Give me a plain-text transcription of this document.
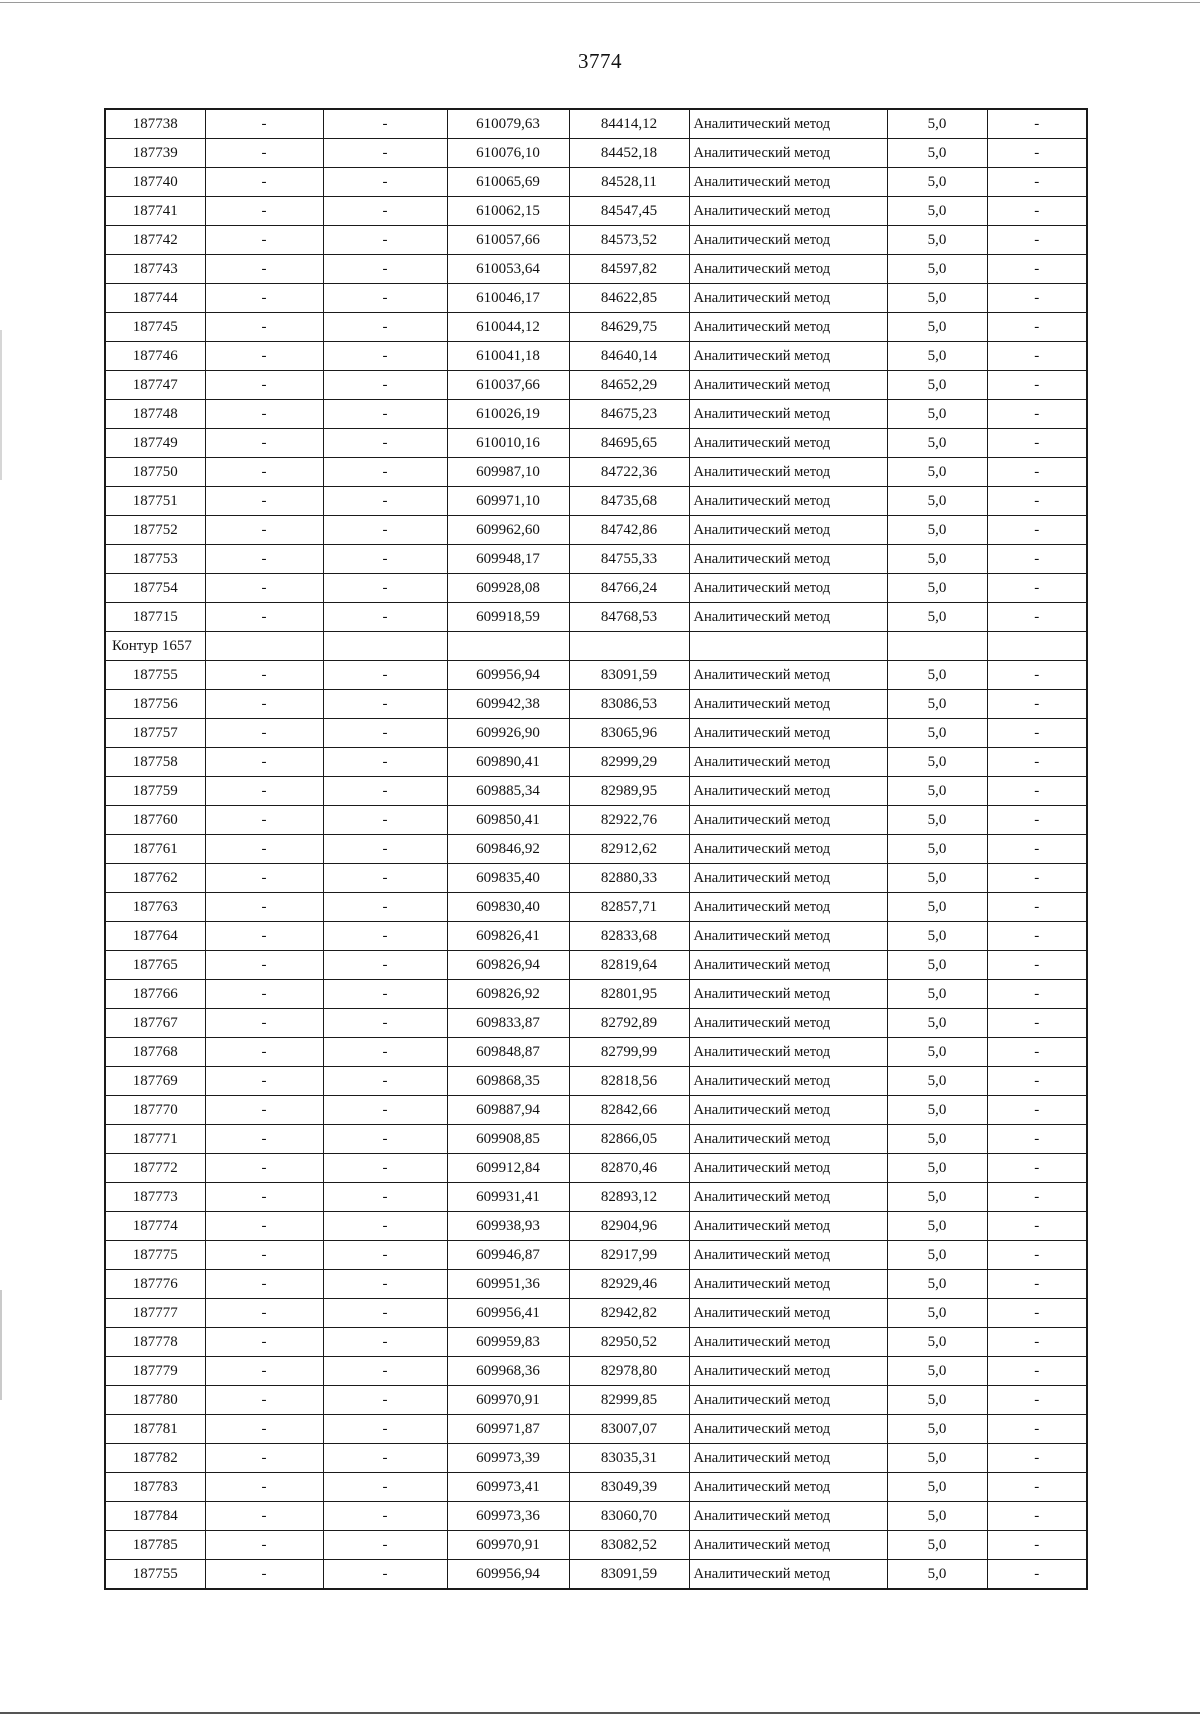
3774
187738	-	-	610079,63	84414,12	Аналитический метод	5,0	-
187739	-	-	610076,10	84452,18	Аналитический метод	5,0	-
187740	-	-	610065,69	84528,11	Аналитический метод	5,0	-
187741	-	-	610062,15	84547,45	Аналитический метод	5,0	-
187742	-	-	610057,66	84573,52	Аналитический метод	5,0	-
187743	-	-	610053,64	84597,82	Аналитический метод	5,0	-
187744	-	-	610046,17	84622,85	Аналитический метод	5,0	-
187745	-	-	610044,12	84629,75	Аналитический метод	5,0	-
187746	-	-	610041,18	84640,14	Аналитический метод	5,0	-
187747	-	-	610037,66	84652,29	Аналитический метод	5,0	-
187748	-	-	610026,19	84675,23	Аналитический метод	5,0	-
187749	-	-	610010,16	84695,65	Аналитический метод	5,0	-
187750	-	-	609987,10	84722,36	Аналитический метод	5,0	-
187751	-	-	609971,10	84735,68	Аналитический метод	5,0	-
187752	-	-	609962,60	84742,86	Аналитический метод	5,0	-
187753	-	-	609948,17	84755,33	Аналитический метод	5,0	-
187754	-	-	609928,08	84766,24	Аналитический метод	5,0	-
187715	-	-	609918,59	84768,53	Аналитический метод	5,0	-
Контур 1657							
187755	-	-	609956,94	83091,59	Аналитический метод	5,0	-
187756	-	-	609942,38	83086,53	Аналитический метод	5,0	-
187757	-	-	609926,90	83065,96	Аналитический метод	5,0	-
187758	-	-	609890,41	82999,29	Аналитический метод	5,0	-
187759	-	-	609885,34	82989,95	Аналитический метод	5,0	-
187760	-	-	609850,41	82922,76	Аналитический метод	5,0	-
187761	-	-	609846,92	82912,62	Аналитический метод	5,0	-
187762	-	-	609835,40	82880,33	Аналитический метод	5,0	-
187763	-	-	609830,40	82857,71	Аналитический метод	5,0	-
187764	-	-	609826,41	82833,68	Аналитический метод	5,0	-
187765	-	-	609826,94	82819,64	Аналитический метод	5,0	-
187766	-	-	609826,92	82801,95	Аналитический метод	5,0	-
187767	-	-	609833,87	82792,89	Аналитический метод	5,0	-
187768	-	-	609848,87	82799,99	Аналитический метод	5,0	-
187769	-	-	609868,35	82818,56	Аналитический метод	5,0	-
187770	-	-	609887,94	82842,66	Аналитический метод	5,0	-
187771	-	-	609908,85	82866,05	Аналитический метод	5,0	-
187772	-	-	609912,84	82870,46	Аналитический метод	5,0	-
187773	-	-	609931,41	82893,12	Аналитический метод	5,0	-
187774	-	-	609938,93	82904,96	Аналитический метод	5,0	-
187775	-	-	609946,87	82917,99	Аналитический метод	5,0	-
187776	-	-	609951,36	82929,46	Аналитический метод	5,0	-
187777	-	-	609956,41	82942,82	Аналитический метод	5,0	-
187778	-	-	609959,83	82950,52	Аналитический метод	5,0	-
187779	-	-	609968,36	82978,80	Аналитический метод	5,0	-
187780	-	-	609970,91	82999,85	Аналитический метод	5,0	-
187781	-	-	609971,87	83007,07	Аналитический метод	5,0	-
187782	-	-	609973,39	83035,31	Аналитический метод	5,0	-
187783	-	-	609973,41	83049,39	Аналитический метод	5,0	-
187784	-	-	609973,36	83060,70	Аналитический метод	5,0	-
187785	-	-	609970,91	83082,52	Аналитический метод	5,0	-
187755	-	-	609956,94	83091,59	Аналитический метод	5,0	-
